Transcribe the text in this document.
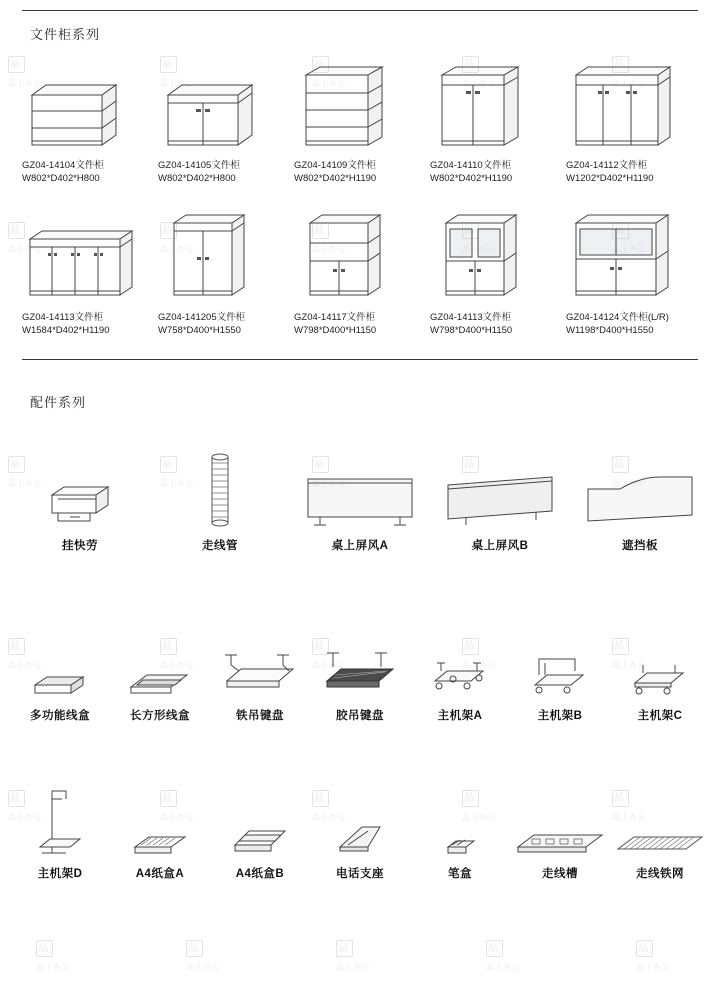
文件柜系列
GZ04-14104文件柜
W802*D402*H800
GZ04-14105文件柜
W802*D402*H800
GZ04-14109文件柜
W802*D402*H1190
GZ04-14110文件柜
W802*D402*H1190
GZ04-14112文件柜
W1202*D402*H1190
GZ04-14113文件柜
W1584*D402*H1190
GZ04-141205文件柜
W758*D400*H1550
GZ04-14117文件柜
W798*D400*H1150
GZ04-14113文件柜
W798*D400*H1150
GZ04-14124文件柜(L/R)
W1198*D400*H1550
配件系列
挂快劳	走线管	桌上屏风A	桌上屏风B	遮挡板
多功能线盒	长方形线盒	铁吊键盘	胶吊键盘	主机架A	主机架B	主机架C
主机架D	A4纸盒A	A4纸盒B	电话支座	笔盒	走线槽	走线铁网
品
品上办公
品	品上办公
品	品上办公
品	品上办公
品	品上办公
品
品上办公
品	品上办公
品	品上办公
品	品上办公
品	品上办公
品
品上办公
品	品上办公
品	品上办公
品	品上办公
品	品上办公
品
品上办公
品	品上办公
品	品上办公
品	品上办公
品	品上办公
品
品上办公
品	品上办公
品	品上办公
品	品上办公
品	品上办公
品
品上办公
品	品上办公
品	品上办公
品	品上办公
品	品上办公
